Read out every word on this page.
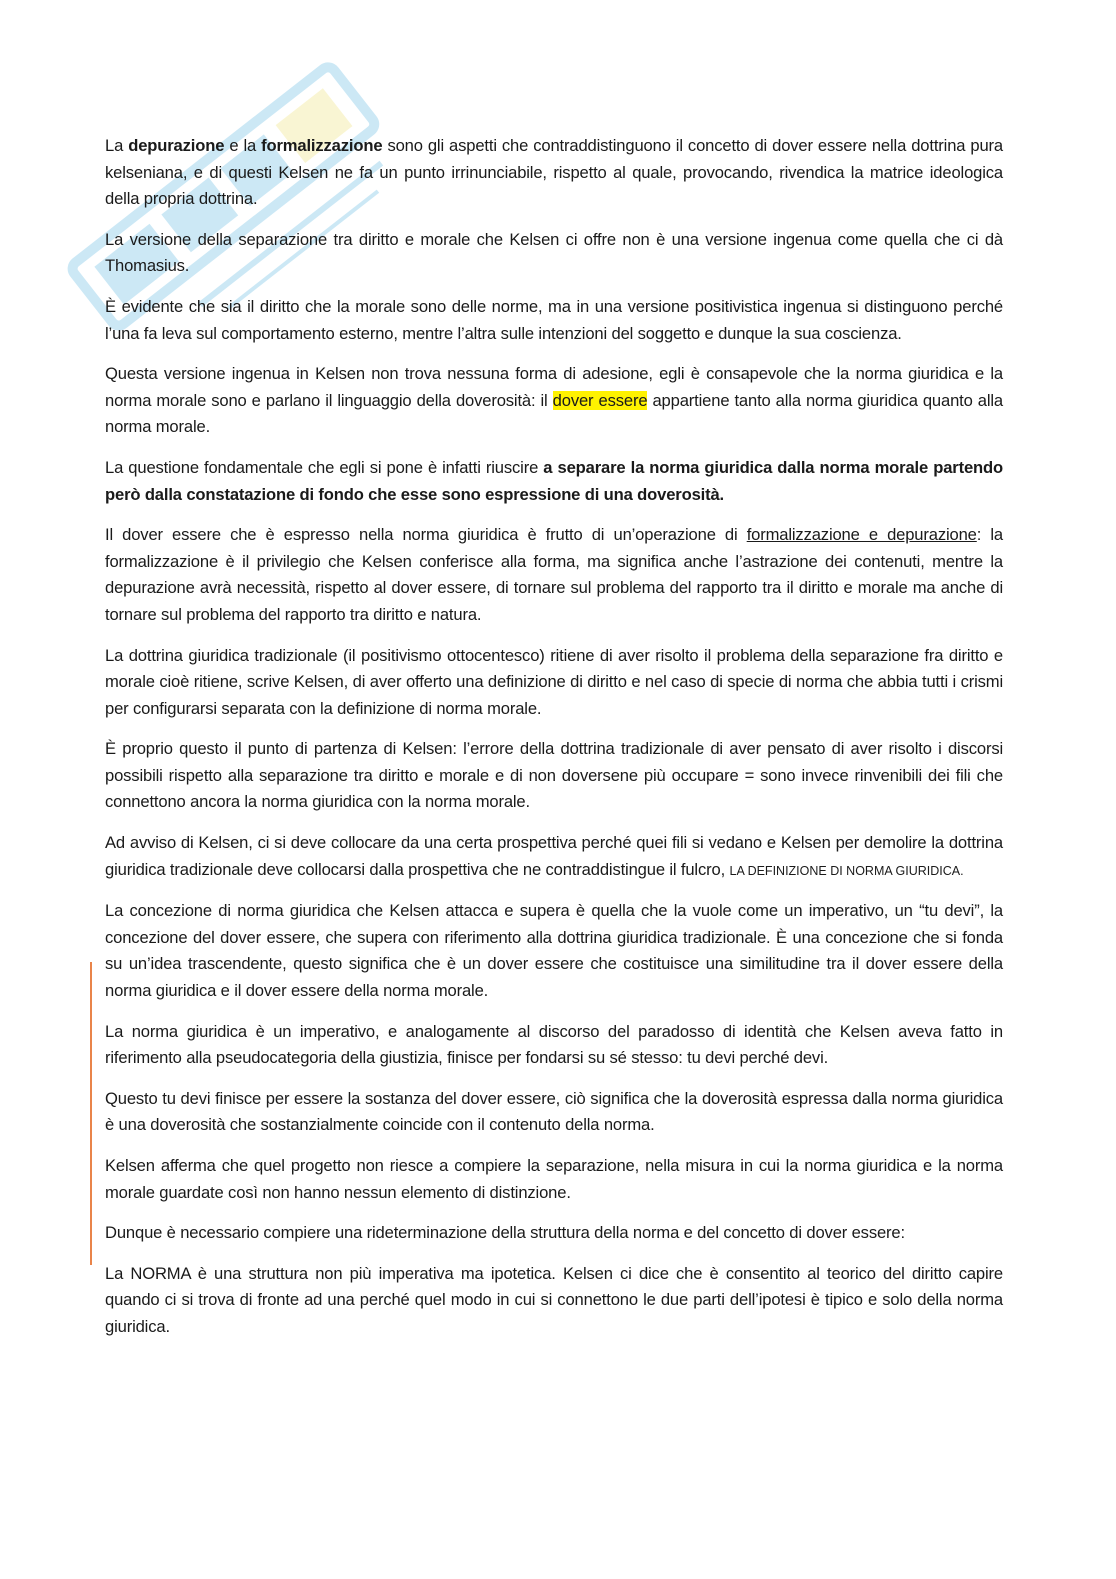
La depurazione e la formalizzazione sono gli aspetti che contraddistinguono il concetto di dover essere nella dottrina pura kelseniana, e di questi Kelsen ne fa un punto irrinunciabile, rispetto al quale, provocando, rivendica la matrice ideologica della propria dottrina.

La versione della separazione tra diritto e morale che Kelsen ci offre non è una versione ingenua come quella che ci dà Thomasius.

È evidente che sia il diritto che la morale sono delle norme, ma in una versione positivistica ingenua si distinguono perché l’una fa leva sul comportamento esterno, mentre l’altra sulle intenzioni del soggetto e dunque la sua coscienza.

Questa versione ingenua in Kelsen non trova nessuna forma di adesione, egli è consapevole che la norma giuridica e la norma morale sono e parlano il linguaggio della doverosità: il dover essere appartiene tanto alla norma giuridica quanto alla norma morale.

La questione fondamentale che egli si pone è infatti riuscire a separare la norma giuridica dalla norma morale partendo però dalla constatazione di fondo che esse sono espressione di una doverosità.

Il dover essere che è espresso nella norma giuridica è frutto di un’operazione di formalizzazione e depurazione: la formalizzazione è il privilegio che Kelsen conferisce alla forma, ma significa anche l’astrazione dei contenuti, mentre la depurazione avrà necessità, rispetto al dover essere, di tornare sul problema del rapporto tra il diritto e morale ma anche di tornare sul problema del rapporto tra diritto e natura.

La dottrina giuridica tradizionale (il positivismo ottocentesco) ritiene di aver risolto il problema della separazione fra diritto e morale cioè ritiene, scrive Kelsen, di aver offerto una definizione di diritto e nel caso di specie di norma che abbia tutti i crismi per configurarsi separata con la definizione di norma morale.

È proprio questo il punto di partenza di Kelsen: l’errore della dottrina tradizionale di aver pensato di aver risolto i discorsi possibili rispetto alla separazione tra diritto e morale e di non doversene più occupare = sono invece rinvenibili dei fili che connettono ancora la norma giuridica con la norma morale.

Ad avviso di Kelsen, ci si deve collocare da una certa prospettiva perché quei fili si vedano e Kelsen per demolire la dottrina giuridica tradizionale deve collocarsi dalla prospettiva che ne contraddistingue il fulcro, LA DEFINIZIONE DI NORMA GIURIDICA.

La concezione di norma giuridica che Kelsen attacca e supera è quella che la vuole come un imperativo, un “tu devi”, la concezione del dover essere, che supera con riferimento alla dottrina giuridica tradizionale. È una concezione che si fonda su un’idea trascendente, questo significa che è un dover essere che costituisce una similitudine tra il dover essere della norma giuridica e il dover essere della norma morale.

La norma giuridica è un imperativo, e analogamente al discorso del paradosso di identità che Kelsen aveva fatto in riferimento alla pseudocategoria della giustizia, finisce per fondarsi su sé stesso: tu devi perché devi.

Questo tu devi finisce per essere la sostanza del dover essere, ciò significa che la doverosità espressa dalla norma giuridica è una doverosità che sostanzialmente coincide con il contenuto della norma.

Kelsen afferma che quel progetto non riesce a compiere la separazione, nella misura in cui la norma giuridica e la norma morale guardate così non hanno nessun elemento di distinzione.

Dunque è necessario compiere una rideterminazione della struttura della norma e del concetto di dover essere:

La NORMA è una struttura non più imperativa ma ipotetica. Kelsen ci dice che è consentito al teorico del diritto capire quando ci si trova di fronte ad una perché quel modo in cui si connettono le due parti dell’ipotesi è tipico e solo della norma giuridica.
